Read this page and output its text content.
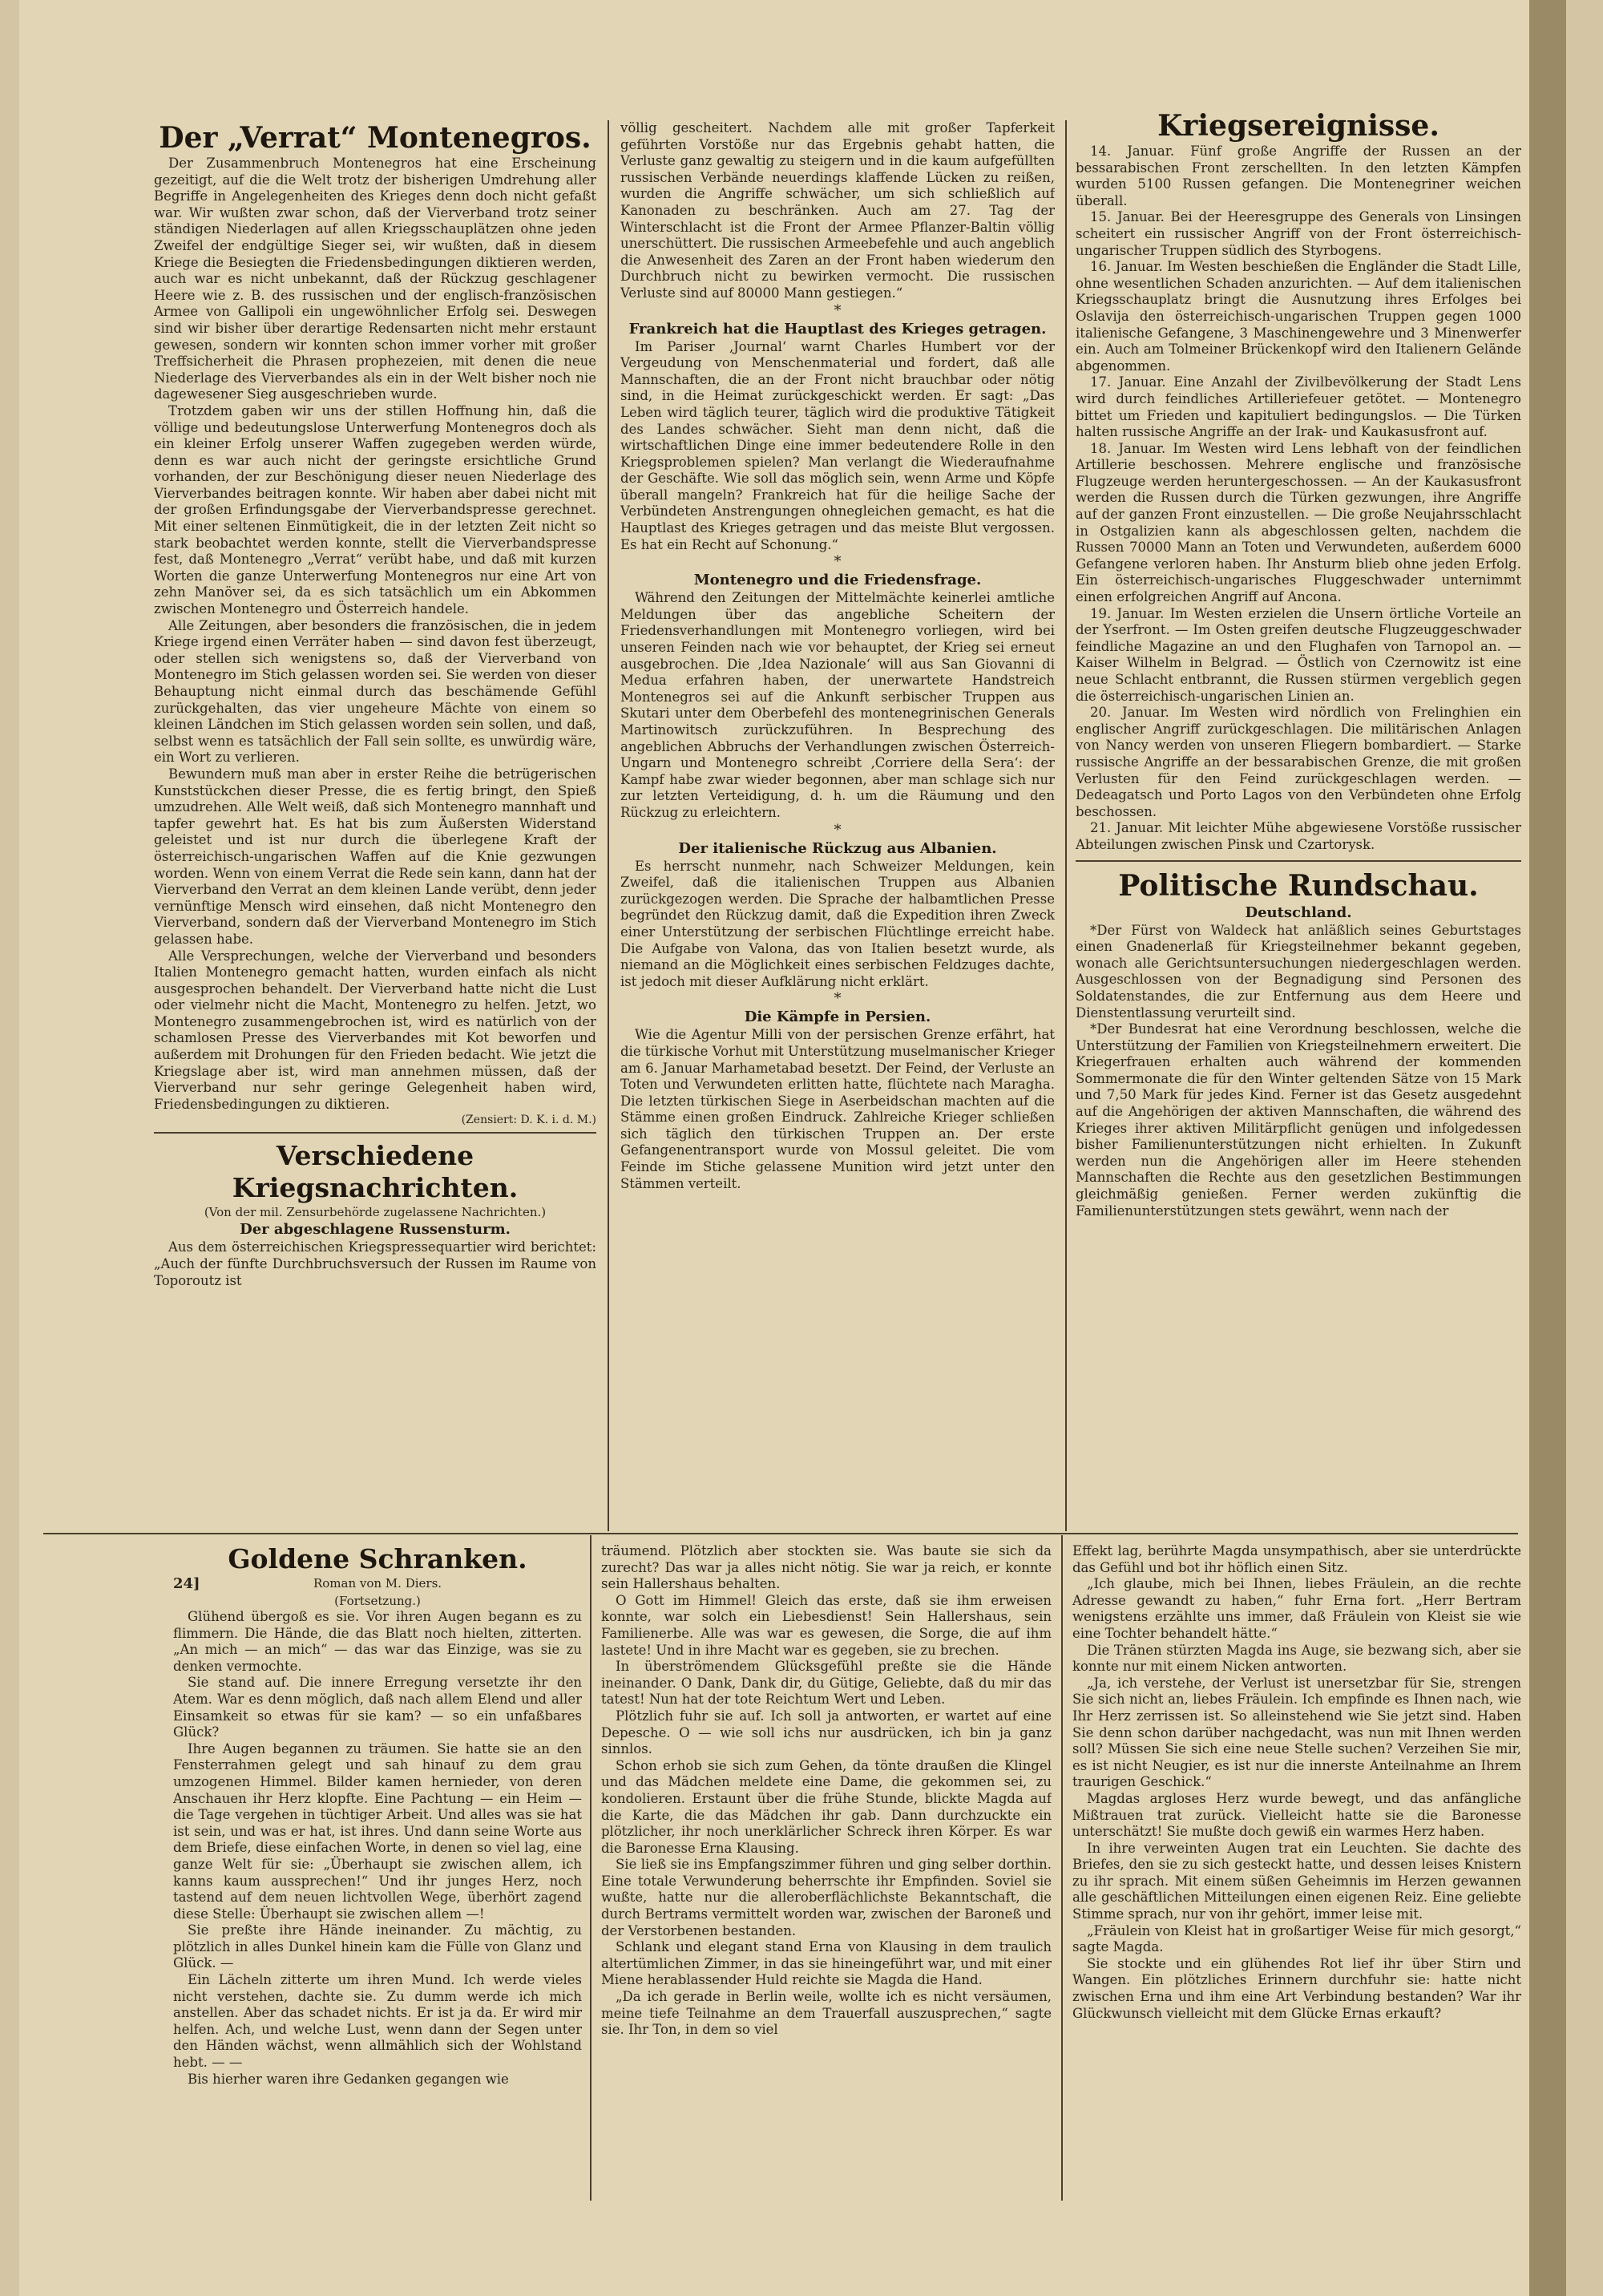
Der „Verrat“ Montenegros.

Der Zusammenbruch Montenegros hat eine Erscheinung gezeitigt, auf die die Welt trotz der bisherigen Umdrehung aller Begriffe in Angelegenheiten des Krieges denn doch nicht gefaßt war. Wir wußten zwar schon, daß der Vierverband trotz seiner ständigen Niederlagen auf allen Kriegsschauplätzen ohne jeden Zweifel der endgültige Sieger sei, wir wußten, daß in diesem Kriege die Besiegten die Friedensbedingungen diktieren werden, auch war es nicht unbekannt, daß der Rückzug geschlagener Heere wie z. B. des russischen und der englisch-französischen Armee von Gallipoli ein ungewöhnlicher Erfolg sei. Deswegen sind wir bisher über derartige Redensarten nicht mehr erstaunt gewesen, sondern wir konnten schon immer vorher mit großer Treffsicherheit die Phrasen prophezeien, mit denen die neue Niederlage des Vierverbandes als ein in der Welt bisher noch nie dagewesener Sieg ausgeschrieben wurde.

Trotzdem gaben wir uns der stillen Hoffnung hin, daß die völlige und bedeutungslose Unterwerfung Montenegros doch als ein kleiner Erfolg unserer Waffen zugegeben werden würde, denn es war auch nicht der geringste ersichtliche Grund vorhanden, der zur Beschönigung dieser neuen Niederlage des Vierverbandes beitragen konnte. Wir haben aber dabei nicht mit der großen Erfindungsgabe der Vierverbandspresse gerechnet. Mit einer seltenen Einmütigkeit, die in der letzten Zeit nicht so stark beobachtet werden konnte, stellt die Vierverbandspresse fest, daß Montenegro „Verrat“ verübt habe, und daß mit kurzen Worten die ganze Unterwerfung Montenegros nur eine Art von zehn Manöver sei, da es sich tatsächlich um ein Abkommen zwischen Montenegro und Österreich handele.

Alle Zeitungen, aber besonders die französischen, die in jedem Kriege irgend einen Verräter haben — sind davon fest überzeugt, oder stellen sich wenigstens so, daß der Vierverband von Montenegro im Stich gelassen worden sei. Sie werden von dieser Behauptung nicht einmal durch das beschämende Gefühl zurückgehalten, das vier ungeheure Mächte von einem so kleinen Ländchen im Stich gelassen worden sein sollen, und daß, selbst wenn es tatsächlich der Fall sein sollte, es unwürdig wäre, ein Wort zu verlieren.

Bewundern muß man aber in erster Reihe die betrügerischen Kunststückchen dieser Presse, die es fertig bringt, den Spieß umzudrehen. Alle Welt weiß, daß sich Montenegro mannhaft und tapfer gewehrt hat. Es hat bis zum Äußersten Widerstand geleistet und ist nur durch die überlegene Kraft der österreichisch-ungarischen Waffen auf die Knie gezwungen worden. Wenn von einem Verrat die Rede sein kann, dann hat der Vierverband den Verrat an dem kleinen Lande verübt, denn jeder vernünftige Mensch wird einsehen, daß nicht Montenegro den Vierverband, sondern daß der Vierverband Montenegro im Stich gelassen habe.

Alle Versprechungen, welche der Vierverband und besonders Italien Montenegro gemacht hatten, wurden einfach als nicht ausgesprochen behandelt. Der Vierverband hatte nicht die Lust oder vielmehr nicht die Macht, Montenegro zu helfen. Jetzt, wo Montenegro zusammengebrochen ist, wird es natürlich von der schamlosen Presse des Vierverbandes mit Kot beworfen und außerdem mit Drohungen für den Frieden bedacht. Wie jetzt die Kriegslage aber ist, wird man annehmen müssen, daß der Vierverband nur sehr geringe Gelegenheit haben wird, Friedensbedingungen zu diktieren.

(Zensiert: D. K. i. d. M.)
Verschiedene Kriegsnachrichten.
(Von der mil. Zensurbehörde zugelassene Nachrichten.)
Der abgeschlagene Russensturm.

Aus dem österreichischen Kriegspressequartier wird berichtet: „Auch der fünfte Durchbruchsversuch der Russen im Raume von Toporoutz ist

völlig gescheitert. Nachdem alle mit großer Tapferkeit geführten Vorstöße nur das Ergebnis gehabt hatten, die Verluste ganz gewaltig zu steigern und in die kaum aufgefüllten russischen Verbände neuerdings klaffende Lücken zu reißen, wurden die Angriffe schwächer, um sich schließlich auf Kanonaden zu beschränken. Auch am 27. Tag der Winterschlacht ist die Front der Armee Pflanzer-Baltin völlig unerschüttert. Die russischen Armeebefehle und auch angeblich die Anwesenheit des Zaren an der Front haben wiederum den Durchbruch nicht zu bewirken vermocht. Die russischen Verluste sind auf 80000 Mann gestiegen.“

*
Frankreich hat die Hauptlast des Krieges getragen.

Im Pariser ‚Journal‘ warnt Charles Humbert vor der Vergeudung von Menschenmaterial und fordert, daß alle Mannschaften, die an der Front nicht brauchbar oder nötig sind, in die Heimat zurückgeschickt werden. Er sagt: „Das Leben wird täglich teurer, täglich wird die produktive Tätigkeit des Landes schwächer. Sieht man denn nicht, daß die wirtschaftlichen Dinge eine immer bedeutendere Rolle in den Kriegsproblemen spielen? Man verlangt die Wiederaufnahme der Geschäfte. Wie soll das möglich sein, wenn Arme und Köpfe überall mangeln? Frankreich hat für die heilige Sache der Verbündeten Anstrengungen ohnegleichen gemacht, es hat die Hauptlast des Krieges getragen und das meiste Blut vergossen. Es hat ein Recht auf Schonung.“

*
Montenegro und die Friedensfrage.

Während den Zeitungen der Mittelmächte keinerlei amtliche Meldungen über das angebliche Scheitern der Friedensverhandlungen mit Montenegro vorliegen, wird bei unseren Feinden nach wie vor behauptet, der Krieg sei erneut ausgebrochen. Die ‚Idea Nazionale‘ will aus San Giovanni di Medua erfahren haben, der unerwartete Handstreich Montenegros sei auf die Ankunft serbischer Truppen aus Skutari unter dem Oberbefehl des montenegrinischen Generals Martinowitsch zurückzuführen. In Besprechung des angeblichen Abbruchs der Verhandlungen zwischen Österreich-Ungarn und Montenegro schreibt ‚Corriere della Sera‘: der Kampf habe zwar wieder begonnen, aber man schlage sich nur zur letzten Verteidigung, d. h. um die Räumung und den Rückzug zu erleichtern.

*
Der italienische Rückzug aus Albanien.

Es herrscht nunmehr, nach Schweizer Meldungen, kein Zweifel, daß die italienischen Truppen aus Albanien zurückgezogen werden. Die Sprache der halbamtlichen Presse begründet den Rückzug damit, daß die Expedition ihren Zweck einer Unterstützung der serbischen Flüchtlinge erreicht habe. Die Aufgabe von Valona, das von Italien besetzt wurde, als niemand an die Möglichkeit eines serbischen Feldzuges dachte, ist jedoch mit dieser Aufklärung nicht erklärt.

*
Die Kämpfe in Persien.

Wie die Agentur Milli von der persischen Grenze erfährt, hat die türkische Vorhut mit Unterstützung muselmanischer Krieger am 6. Januar Marhametabad besetzt. Der Feind, der Verluste an Toten und Verwundeten erlitten hatte, flüchtete nach Maragha. Die letzten türkischen Siege in Aserbeidschan machten auf die Stämme einen großen Eindruck. Zahlreiche Krieger schließen sich täglich den türkischen Truppen an. Der erste Gefangenentransport wurde von Mossul geleitet. Die vom Feinde im Stiche gelassene Munition wird jetzt unter den Stämmen verteilt.

Kriegsereignisse.

14. Januar. Fünf große Angriffe der Russen an der bessarabischen Front zerschellten. In den letzten Kämpfen wurden 5100 Russen gefangen. Die Montenegriner weichen überall.

15. Januar. Bei der Heeresgruppe des Generals von Linsingen scheitert ein russischer Angriff von der Front österreichisch-ungarischer Truppen südlich des Styrbogens.

16. Januar. Im Westen beschießen die Engländer die Stadt Lille, ohne wesentlichen Schaden anzurichten. — Auf dem italienischen Kriegsschauplatz bringt die Ausnutzung ihres Erfolges bei Oslavija den österreichisch-ungarischen Truppen gegen 1000 italienische Gefangene, 3 Maschinengewehre und 3 Minenwerfer ein. Auch am Tolmeiner Brückenkopf wird den Italienern Gelände abgenommen.

17. Januar. Eine Anzahl der Zivilbevölkerung der Stadt Lens wird durch feindliches Artilleriefeuer getötet. — Montenegro bittet um Frieden und kapituliert bedingungslos. — Die Türken halten russische Angriffe an der Irak- und Kaukasusfront auf.

18. Januar. Im Westen wird Lens lebhaft von der feindlichen Artillerie beschossen. Mehrere englische und französische Flugzeuge werden heruntergeschossen. — An der Kaukasusfront werden die Russen durch die Türken gezwungen, ihre Angriffe auf der ganzen Front einzustellen. — Die große Neujahrsschlacht in Ostgalizien kann als abgeschlossen gelten, nachdem die Russen 70000 Mann an Toten und Verwundeten, außerdem 6000 Gefangene verloren haben. Ihr Ansturm blieb ohne jeden Erfolg. Ein österreichisch-ungarisches Fluggeschwader unternimmt einen erfolgreichen Angriff auf Ancona.

19. Januar. Im Westen erzielen die Unsern örtliche Vorteile an der Yserfront. — Im Osten greifen deutsche Flugzeuggeschwader feindliche Magazine an und den Flughafen von Tarnopol an. — Kaiser Wilhelm in Belgrad. — Östlich von Czernowitz ist eine neue Schlacht entbrannt, die Russen stürmen vergeblich gegen die österreichisch-ungarischen Linien an.

20. Januar. Im Westen wird nördlich von Frelinghien ein englischer Angriff zurückgeschlagen. Die militärischen Anlagen von Nancy werden von unseren Fliegern bombardiert. — Starke russische Angriffe an der bessarabischen Grenze, die mit großen Verlusten für den Feind zurückgeschlagen werden. — Dedeagatsch und Porto Lagos von den Verbündeten ohne Erfolg beschossen.

21. Januar. Mit leichter Mühe abgewiesene Vorstöße russischer Abteilungen zwischen Pinsk und Czartorysk.

Politische Rundschau.
Deutschland.

*Der Fürst von Waldeck hat anläßlich seines Geburtstages einen Gnadenerlaß für Kriegsteilnehmer bekannt gegeben, wonach alle Gerichtsuntersuchungen niedergeschlagen werden. Ausgeschlossen von der Begnadigung sind Personen des Soldatenstandes, die zur Entfernung aus dem Heere und Dienstentlassung verurteilt sind.

*Der Bundesrat hat eine Verordnung beschlossen, welche die Unterstützung der Familien von Kriegsteilnehmern erweitert. Die Kriegerfrauen erhalten auch während der kommenden Sommermonate die für den Winter geltenden Sätze von 15 Mark und 7,50 Mark für jedes Kind. Ferner ist das Gesetz ausgedehnt auf die Angehörigen der aktiven Mannschaften, die während des Krieges ihrer aktiven Militärpflicht genügen und infolgedessen bisher Familienunterstützungen nicht erhielten. In Zukunft werden nun die Angehörigen aller im Heere stehenden Mannschaften die Rechte aus den gesetzlichen Bestimmungen gleichmäßig genießen. Ferner werden zukünftig die Familienunterstützungen stets gewährt, wenn nach der

Goldene Schranken.
24]	Roman von M. Diers.
(Fortsetzung.)

Glühend übergoß es sie. Vor ihren Augen begann es zu flimmern. Die Hände, die das Blatt noch hielten, zitterten. „An mich — an mich“ — das war das Einzige, was sie zu denken vermochte.

Sie stand auf. Die innere Erregung versetzte ihr den Atem. War es denn möglich, daß nach allem Elend und aller Einsamkeit so etwas für sie kam? — so ein unfaßbares Glück?

Ihre Augen begannen zu träumen. Sie hatte sie an den Fensterrahmen gelegt und sah hinauf zu dem grau umzogenen Himmel. Bilder kamen hernieder, von deren Anschauen ihr Herz klopfte. Eine Pachtung — ein Heim — die Tage vergehen in tüchtiger Arbeit. Und alles was sie hat ist sein, und was er hat, ist ihres. Und dann seine Worte aus dem Briefe, diese einfachen Worte, in denen so viel lag, eine ganze Welt für sie: „Überhaupt sie zwischen allem, ich kanns kaum aussprechen!“ Und ihr junges Herz, noch tastend auf dem neuen lichtvollen Wege, überhört zagend diese Stelle: Überhaupt sie zwischen allem —!

Sie preßte ihre Hände ineinander. Zu mächtig, zu plötzlich in alles Dunkel hinein kam die Fülle von Glanz und Glück. —

Ein Lächeln zitterte um ihren Mund. Ich werde vieles nicht verstehen, dachte sie. Zu dumm werde ich mich anstellen. Aber das schadet nichts. Er ist ja da. Er wird mir helfen. Ach, und welche Lust, wenn dann der Segen unter den Händen wächst, wenn allmählich sich der Wohlstand hebt. — —

Bis hierher waren ihre Gedanken gegangen wie

träumend. Plötzlich aber stockten sie. Was baute sie sich da zurecht? Das war ja alles nicht nötig. Sie war ja reich, er konnte sein Hallershaus behalten.

O Gott im Himmel! Gleich das erste, daß sie ihm erweisen konnte, war solch ein Liebesdienst! Sein Hallershaus, sein Familienerbe. Alle was war es gewesen, die Sorge, die auf ihm lastete! Und in ihre Macht war es gegeben, sie zu brechen.

In überströmendem Glücksgefühl preßte sie die Hände ineinander. O Dank, Dank dir, du Gütige, Geliebte, daß du mir das tatest! Nun hat der tote Reichtum Wert und Leben.

Plötzlich fuhr sie auf. Ich soll ja antworten, er wartet auf eine Depesche. O — wie soll ichs nur ausdrücken, ich bin ja ganz sinnlos.

Schon erhob sie sich zum Gehen, da tönte draußen die Klingel und das Mädchen meldete eine Dame, die gekommen sei, zu kondolieren. Erstaunt über die frühe Stunde, blickte Magda auf die Karte, die das Mädchen ihr gab. Dann durchzuckte ein plötzlicher, ihr noch unerklärlicher Schreck ihren Körper. Es war die Baronesse Erna Klausing.

Sie ließ sie ins Empfangszimmer führen und ging selber dorthin. Eine totale Verwunderung beherrschte ihr Empfinden. Soviel sie wußte, hatte nur die alleroberflächlichste Bekanntschaft, die durch Bertrams vermittelt worden war, zwischen der Baroneß und der Verstorbenen bestanden.

Schlank und elegant stand Erna von Klausing in dem traulich altertümlichen Zimmer, in das sie hineingeführt war, und mit einer Miene herablassender Huld reichte sie Magda die Hand.

„Da ich gerade in Berlin weile, wollte ich es nicht versäumen, meine tiefe Teilnahme an dem Trauerfall auszusprechen,“ sagte sie. Ihr Ton, in dem so viel

Effekt lag, berührte Magda unsympathisch, aber sie unterdrückte das Gefühl und bot ihr höflich einen Sitz.

„Ich glaube, mich bei Ihnen, liebes Fräulein, an die rechte Adresse gewandt zu haben,“ fuhr Erna fort. „Herr Bertram wenigstens erzählte uns immer, daß Fräulein von Kleist sie wie eine Tochter behandelt hätte.“

Die Tränen stürzten Magda ins Auge, sie bezwang sich, aber sie konnte nur mit einem Nicken antworten.

„Ja, ich verstehe, der Verlust ist unersetzbar für Sie, strengen Sie sich nicht an, liebes Fräulein. Ich empfinde es Ihnen nach, wie Ihr Herz zerrissen ist. So alleinstehend wie Sie jetzt sind. Haben Sie denn schon darüber nachgedacht, was nun mit Ihnen werden soll? Müssen Sie sich eine neue Stelle suchen? Verzeihen Sie mir, es ist nicht Neugier, es ist nur die innerste Anteilnahme an Ihrem traurigen Geschick.“

Magdas argloses Herz wurde bewegt, und das anfängliche Mißtrauen trat zurück. Vielleicht hatte sie die Baronesse unterschätzt! Sie mußte doch gewiß ein warmes Herz haben.

In ihre verweinten Augen trat ein Leuchten. Sie dachte des Briefes, den sie zu sich gesteckt hatte, und dessen leises Knistern zu ihr sprach. Mit einem süßen Geheimnis im Herzen gewannen alle geschäftlichen Mitteilungen einen eigenen Reiz. Eine geliebte Stimme sprach, nur von ihr gehört, immer leise mit.

„Fräulein von Kleist hat in großartiger Weise für mich gesorgt,“ sagte Magda.

Sie stockte und ein glühendes Rot lief ihr über Stirn und Wangen. Ein plötzliches Erinnern durchfuhr sie: hatte nicht zwischen Erna und ihm eine Art Verbindung bestanden? War ihr Glückwunsch vielleicht mit dem Glücke Ernas erkauft?
